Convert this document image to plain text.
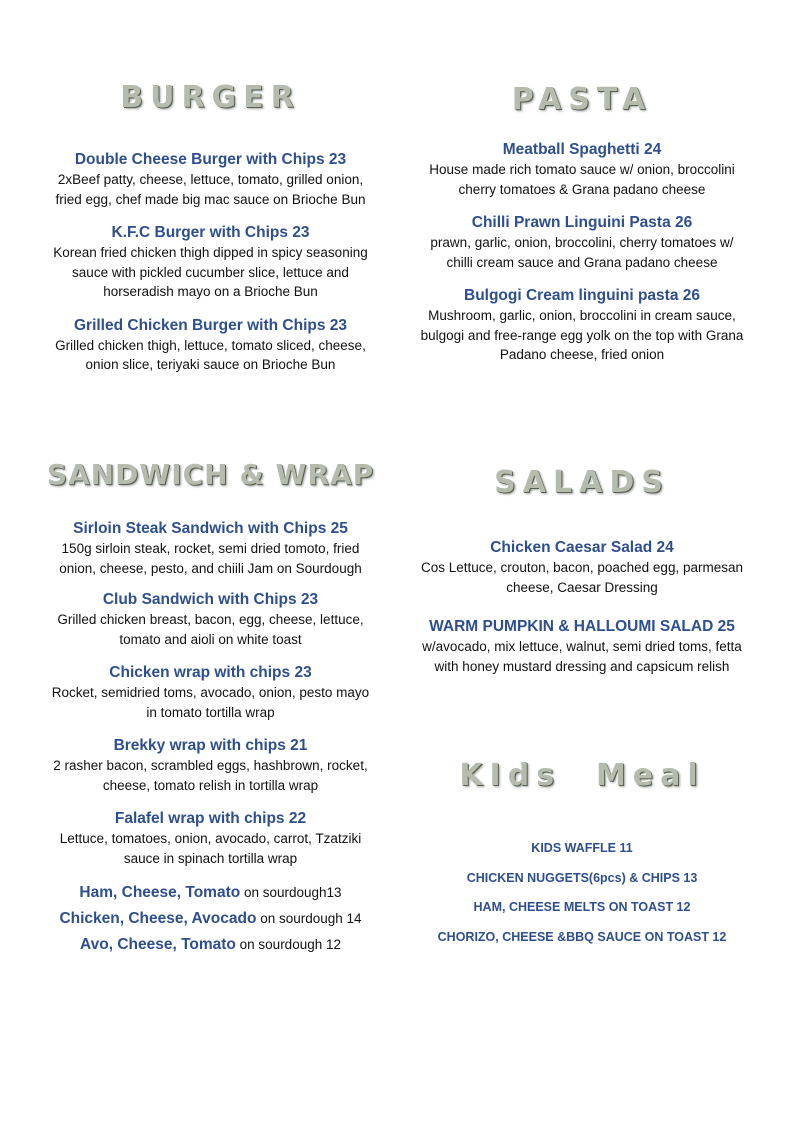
BURGER
Double Cheese Burger with Chips 23
2xBeef patty, cheese, lettuce, tomato, grilled onion, fried egg, chef made big mac sauce on Brioche Bun
K.F.C Burger with Chips 23
Korean fried chicken thigh dipped in spicy seasoning sauce with pickled cucumber slice, lettuce and horseradish mayo on a Brioche Bun
Grilled Chicken Burger with Chips 23
Grilled chicken thigh, lettuce, tomato sliced, cheese, onion slice, teriyaki sauce on Brioche Bun
PASTA
Meatball Spaghetti 24
House made rich tomato sauce w/ onion, broccolini cherry tomatoes & Grana padano cheese
Chilli Prawn Linguini Pasta 26
prawn, garlic, onion, broccolini, cherry tomatoes w/ chilli cream sauce and Grana padano cheese
Bulgogi Cream linguini pasta 26
Mushroom, garlic, onion, broccolini in cream sauce, bulgogi and free-range egg yolk on the top with Grana Padano cheese, fried onion
SANDWICH & WRAP
Sirloin Steak Sandwich with Chips 25
150g sirloin steak, rocket, semi dried tomoto, fried onion, cheese, pesto, and chiili Jam on Sourdough
Club Sandwich with Chips 23
Grilled chicken breast, bacon, egg, cheese, lettuce, tomato and aioli on white toast
Chicken wrap with chips 23
Rocket, semidried toms, avocado, onion, pesto mayo in tomato tortilla wrap
Brekky wrap with chips 21
2 rasher bacon, scrambled eggs, hashbrown, rocket, cheese, tomato relish in tortilla wrap
Falafel wrap with chips 22
Lettuce, tomatoes, onion, avocado, carrot, Tzatziki sauce in spinach tortilla wrap
Ham, Cheese, Tomato on sourdough13
Chicken, Cheese, Avocado on sourdough 14
Avo, Cheese, Tomato on sourdough 12
SALADS
Chicken Caesar Salad 24
Cos Lettuce, crouton, bacon, poached egg, parmesan cheese, Caesar Dressing
WARM PUMPKIN & HALLOUMI SALAD 25
w/avocado, mix lettuce, walnut, semi dried toms, fetta with honey mustard dressing and capsicum relish
KIds  Meal
KIDS WAFFLE 11
CHICKEN NUGGETS(6pcs) & CHIPS 13
HAM, CHEESE MELTS ON TOAST 12
CHORIZO, CHEESE &BBQ SAUCE ON TOAST 12
